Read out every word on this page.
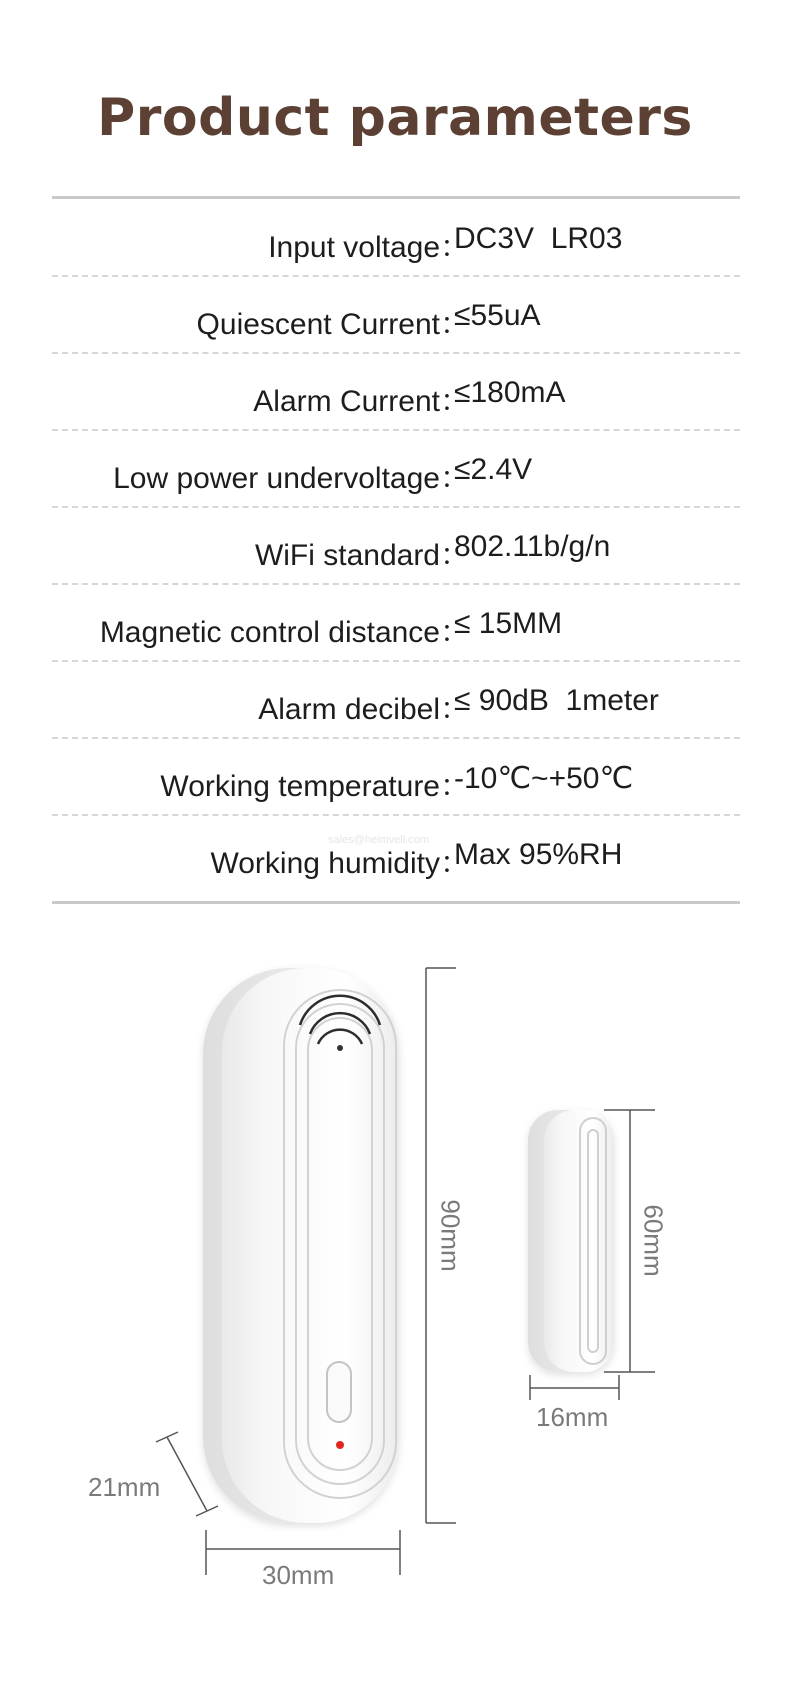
Product parameters
Input voltage：
DC3V  LR03
Quiescent Current：
≤55uA
Alarm Current：
≤180mA
Low power undervoltage：
≤2.4V
WiFi standard：
802.11b/g/n
Magnetic control distance：
≤ 15MM
Alarm decibel：
≤ 90dB  1meter
Working temperature：
-10℃~+50℃
Working humidity：
Max 95%RH
sales@heimvell.com
90mm
30mm
21mm
60mm
16mm
